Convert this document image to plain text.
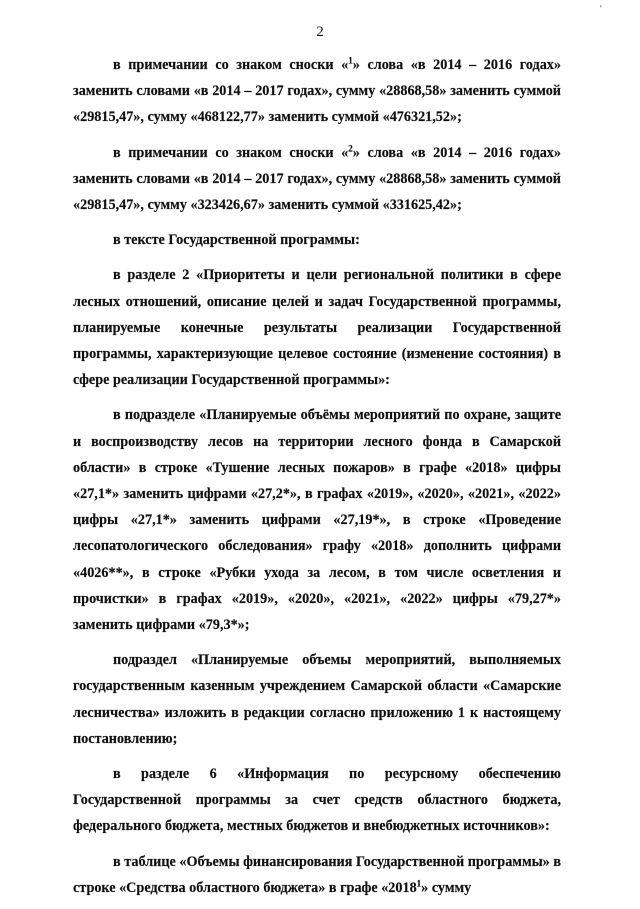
2
ʹ

в примечании со знаком сноски «$^1$» слова «в 2014 – 2016 годах» заменить словами «в 2014 – 2017 годах», сумму «28868,58» заменить суммой «29815,47», сумму «468122,77» заменить суммой «476321,52»;

в примечании со знаком сноски «$^2$» слова «в 2014 – 2016 годах» заменить словами «в 2014 – 2017 годах», сумму «28868,58» заменить суммой «29815,47», сумму «323426,67» заменить суммой «331625,42»;

в тексте Государственной программы:

в разделе 2 «Приоритеты и цели региональной политики в сфере лесных отношений, описание целей и задач Государственной программы, планируемые конечные результаты реализации Государственной программы, характеризующие целевое состояние (изменение состояния) в сфере реализации Государственной программы»:

в подразделе «Планируемые объёмы мероприятий по охране, защите и воспроизводству лесов на территории лесного фонда в Самарской области» в строке «Тушение лесных пожаров» в графе «2018» цифры «27,1*» заменить цифрами «27,2*», в графах «2019», «2020», «2021», «2022» цифры «27,1*» заменить цифрами «27,19*», в строке «Проведение лесопатологического обследования» графу «2018» дополнить цифрами «4026**», в строке «Рубки ухода за лесом, в том числе осветления и прочистки» в графах «2019», «2020», «2021», «2022» цифры «79,27*» заменить цифрами «79,3*»;

подраздел «Планируемые объемы мероприятий, выполняемых государственным казенным учреждением Самарской области «Самарские лесничества» изложить в редакции согласно приложению 1 к настоящему постановлению;

в разделе 6 «Информация по ресурсному обеспечению Государственной программы за счет средств областного бюджета, федерального бюджета, местных бюджетов и внебюджетных источников»:

в таблице «Объемы финансирования Государственной программы» в строке «Средства областного бюджета» в графе «2018$^1$» сумму
